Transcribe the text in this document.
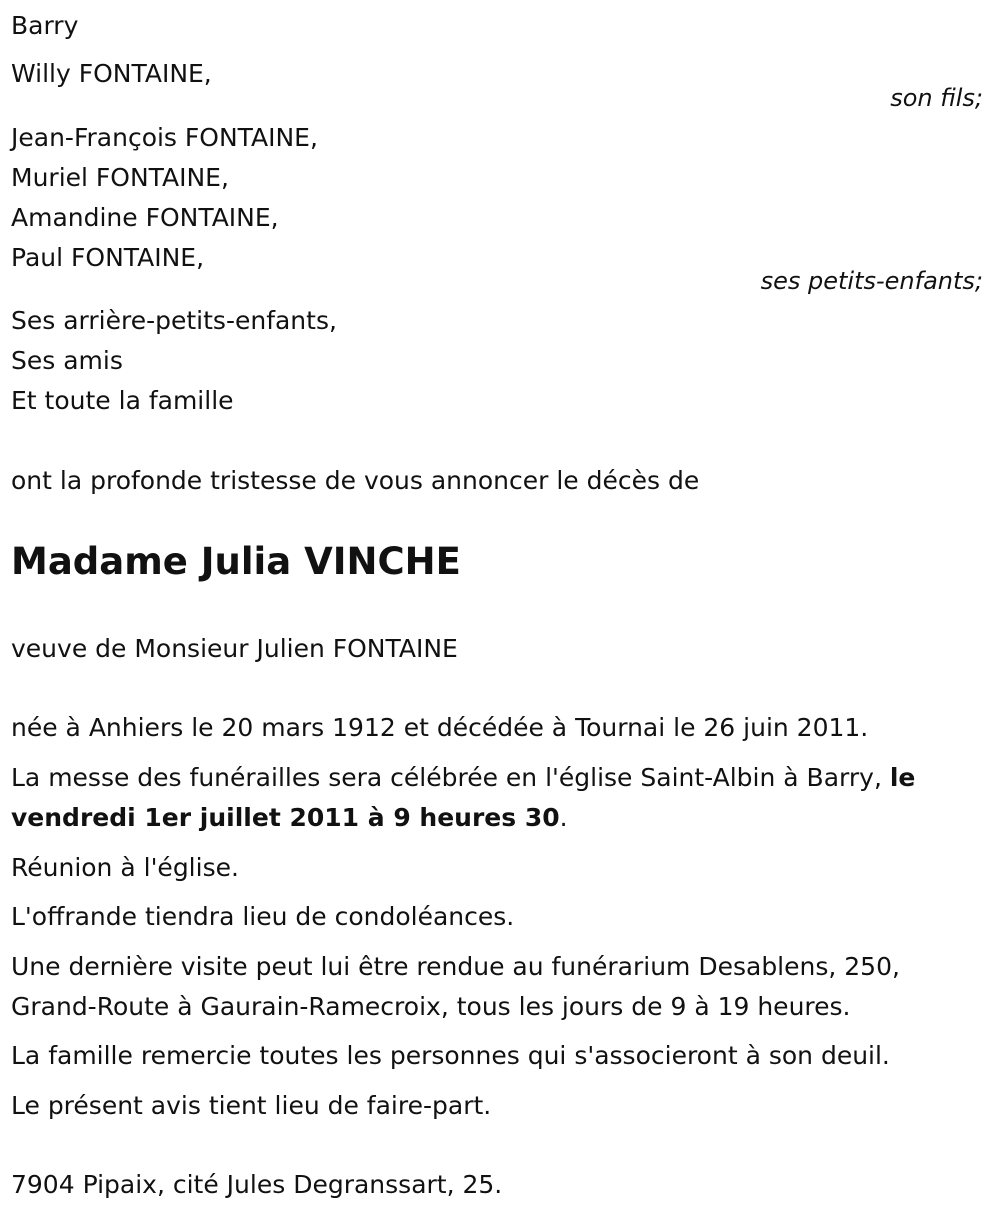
Barry
Willy FONTAINE,
son fils;
Jean-François FONTAINE,
Muriel FONTAINE,
Amandine FONTAINE,
Paul FONTAINE,
ses petits-enfants;
Ses arrière-petits-enfants,
Ses amis
Et toute la famille
ont la profonde tristesse de vous annoncer le décès de
Madame Julia VINCHE
veuve de Monsieur Julien FONTAINE
née à Anhiers le 20 mars 1912 et décédée à Tournai le 26 juin 2011.
La messe des funérailles sera célébrée en l'église Saint-Albin à Barry, le vendredi 1er juillet 2011 à 9 heures 30.
Réunion à l'église.
L'offrande tiendra lieu de condoléances.
Une dernière visite peut lui être rendue au funérarium Desablens, 250, Grand-Route à Gaurain-Ramecroix, tous les jours de 9 à 19 heures.
La famille remercie toutes les personnes qui s'associeront à son deuil.
Le présent avis tient lieu de faire-part.
7904 Pipaix, cité Jules Degranssart, 25.
